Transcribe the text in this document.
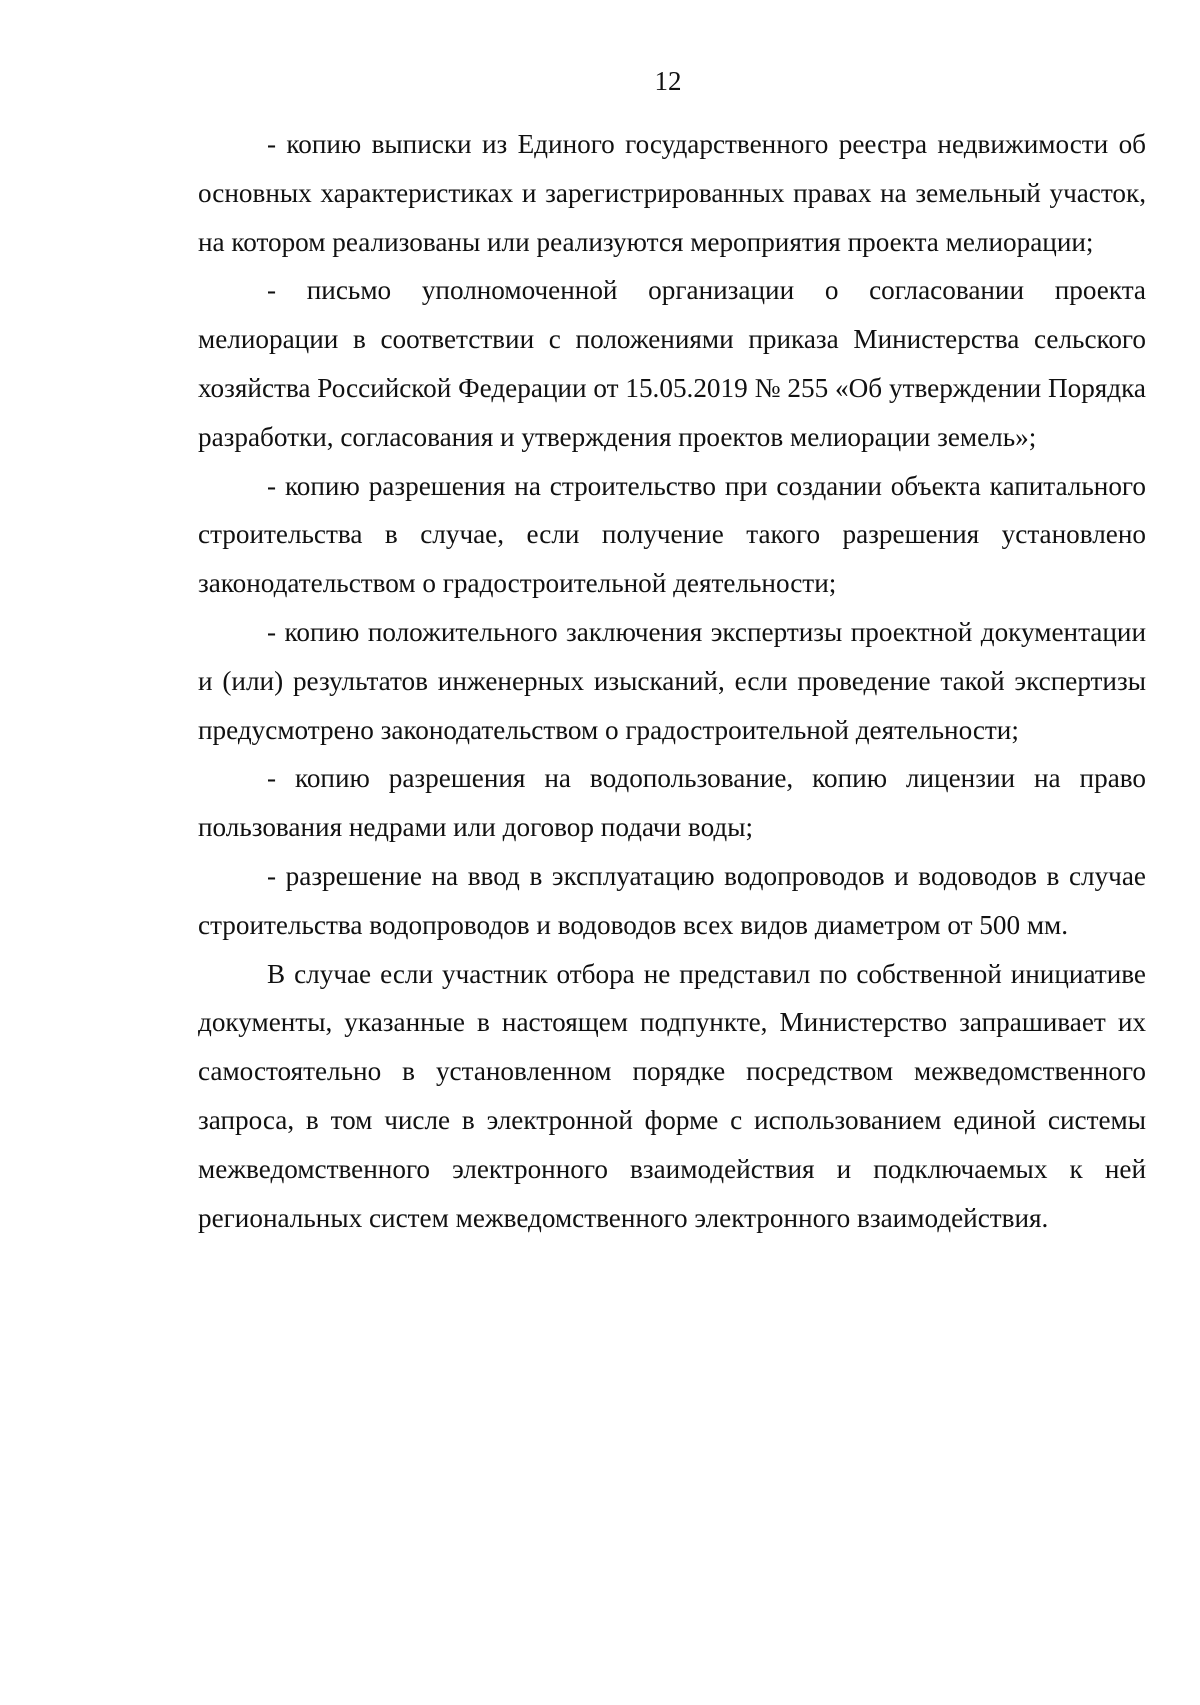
12

- копию выписки из Единого государственного реестра недвижимости об основных характеристиках и зарегистрированных правах на земельный участок, на котором реализованы или реализуются мероприятия проекта мелиорации;

- письмо уполномоченной организации о согласовании проекта мелиорации в соответствии с положениями приказа Министерства сельского хозяйства Российской Федерации от 15.05.2019 № 255 «Об утверждении Порядка разработки, согласования и утверждения проектов мелиорации земель»;

- копию разрешения на строительство при создании объекта капитального строительства в случае, если получение такого разрешения установлено законодательством о градостроительной деятельности;

- копию положительного заключения экспертизы проектной документации и (или) результатов инженерных изысканий, если проведение такой экспертизы предусмотрено законодательством о градостроительной деятельности;

- копию разрешения на водопользование, копию лицензии на право пользования недрами или договор подачи воды;

- разрешение на ввод в эксплуатацию водопроводов и водоводов в случае строительства водопроводов и водоводов всех видов диаметром от 500 мм.

В случае если участник отбора не представил по собственной инициативе документы, указанные в настоящем подпункте, Министерство запрашивает их самостоятельно в установленном порядке посредством межведомственного запроса, в том числе в электронной форме с использованием единой системы межведомственного электронного взаимодействия и подключаемых к ней региональных систем межведомственного электронного взаимодействия.
